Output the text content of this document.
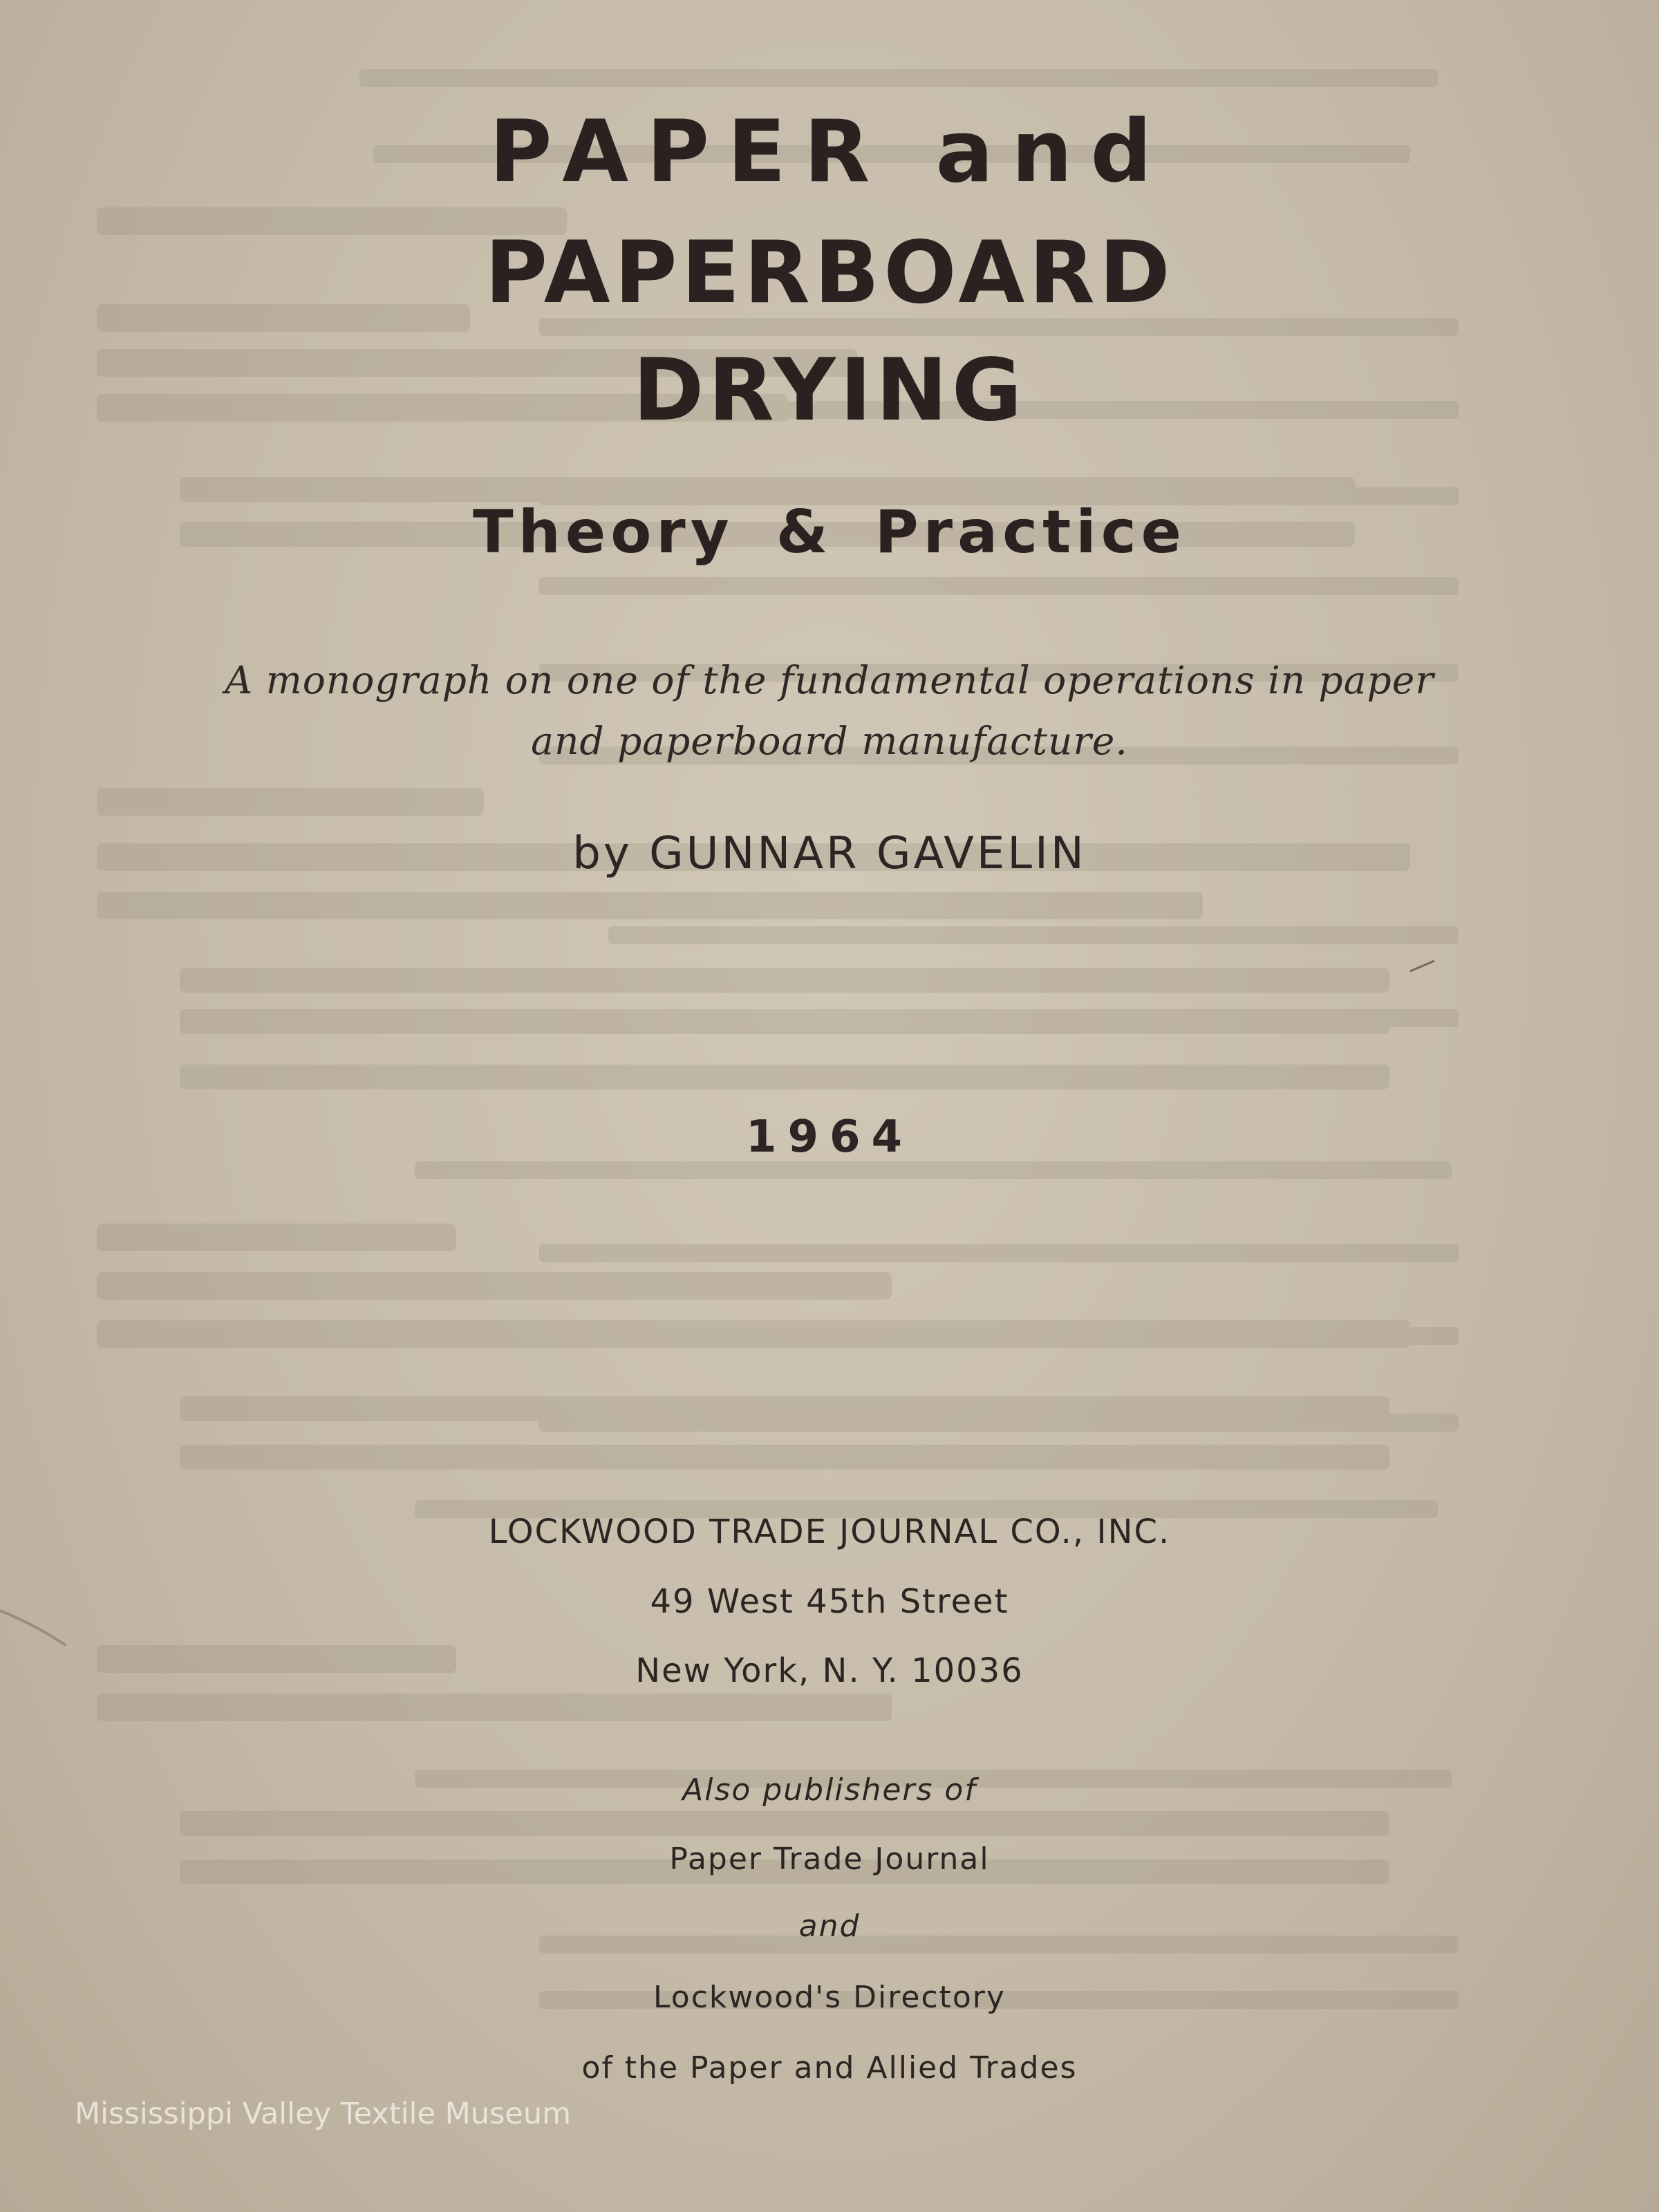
PAPER and
PAPERBOARD
DRYING
Theory & Practice
A monograph on one of the fundamental operations in paper and paperboard manufacture.
by GUNNAR GAVELIN
1964
LOCKWOOD TRADE JOURNAL CO., INC.
49 West 45th Street
New York, N. Y. 10036
Also publishers of
Paper Trade Journal
and
Lockwood's Directory
of the Paper and Allied Trades
Mississippi Valley Textile Museum
